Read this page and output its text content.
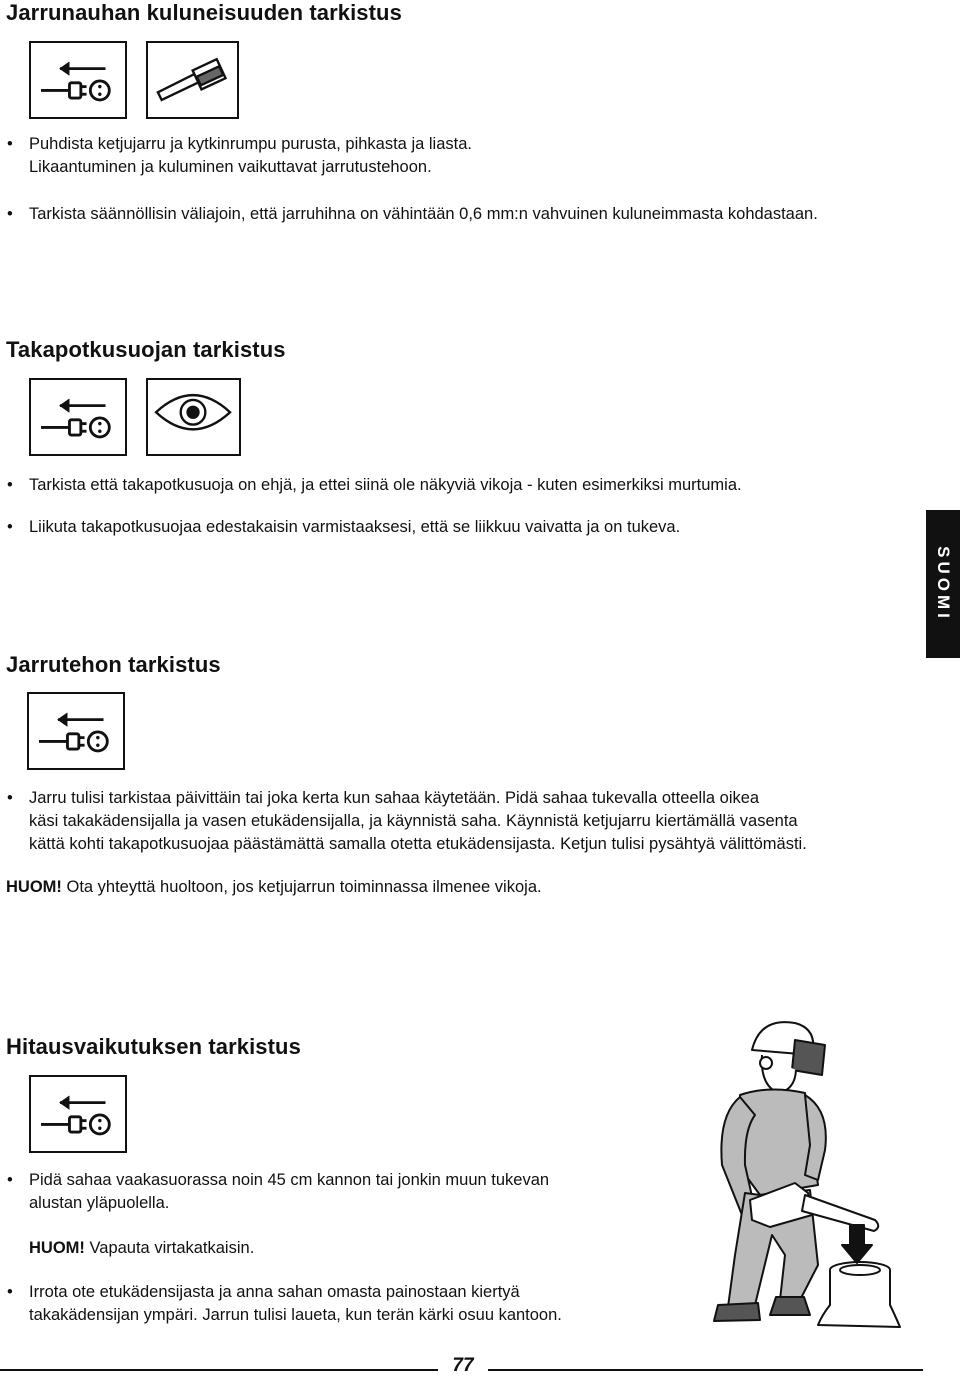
Jarrunauhan kuluneisuuden tarkistus
• Puhdista ketjujarru ja kytkinrumpu purusta, pihkasta ja liasta.
Likaantuminen ja kuluminen vaikuttavat jarrutustehoon.
• Tarkista säännöllisin väliajoin, että jarruhihna on vähintään 0,6 mm:n vahvuinen kuluneimmasta kohdastaan.
Takapotkusuojan tarkistus
• Tarkista että takapotkusuoja on ehjä, ja ettei siinä ole näkyviä vikoja - kuten esimerkiksi murtumia.
• Liikuta takapotkusuojaa edestakaisin varmistaaksesi, että se liikkuu vaivatta ja on tukeva.
SUOMI
Jarrutehon tarkistus
• Jarru tulisi tarkistaa päivittäin tai joka kerta kun sahaa käytetään. Pidä sahaa tukevalla otteella oikea
käsi takakädensijalla ja vasen etukädensijalla, ja käynnistä saha. Käynnistä ketjujarru kiertämällä vasenta
kättä kohti takapotkusuojaa päästämättä samalla otetta etukädensijasta. Ketjun tulisi pysähtyä välittömästi.
HUOM! Ota yhteyttä huoltoon, jos ketjujarrun toiminnassa ilmenee vikoja.
Hitausvaikutuksen tarkistus
• Pidä sahaa vaakasuorassa noin 45 cm kannon tai jonkin muun tukevan
alustan yläpuolella.
HUOM! Vapauta virtakatkaisin.
• Irrota ote etukädensijasta ja anna sahan omasta painostaan kiertyä
takakädensijan ympäri. Jarrun tulisi laueta, kun terän kärki osuu kantoon.
77
